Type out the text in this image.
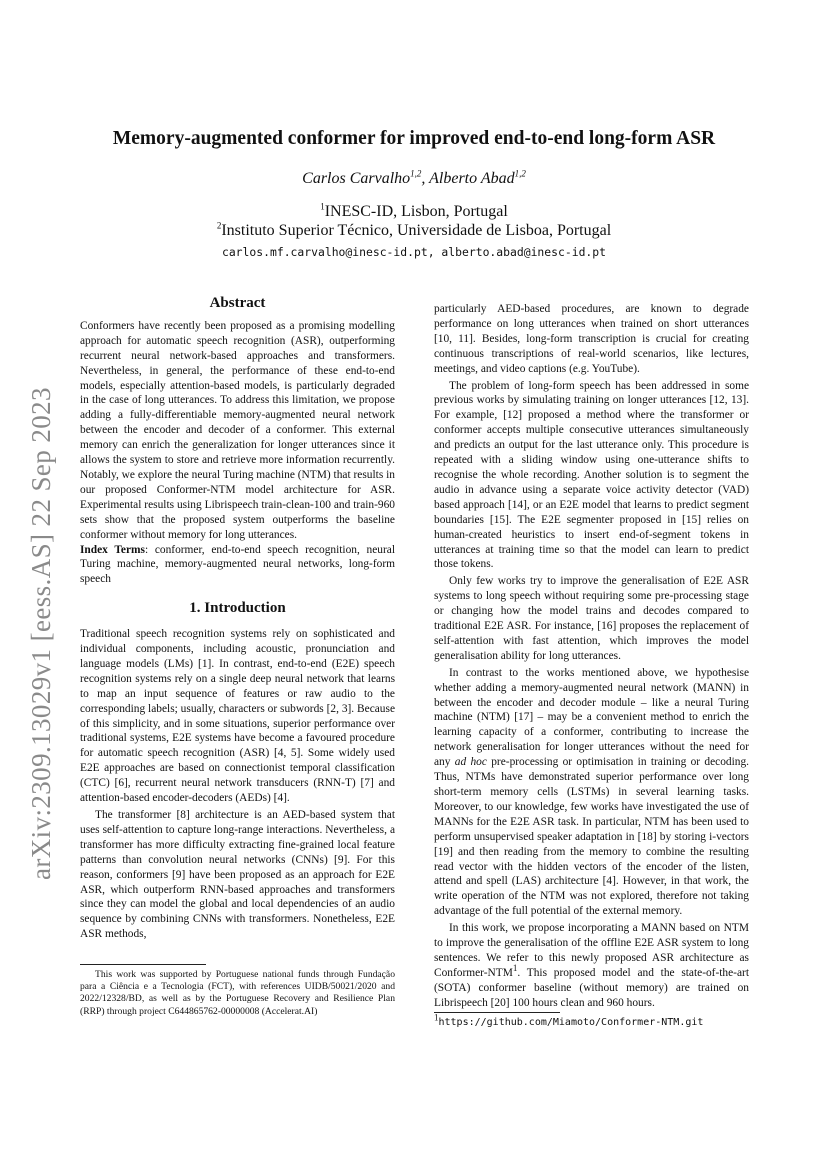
arXiv:2309.13029v1 [eess.AS] 22 Sep 2023
Memory-augmented conformer for improved end-to-end long-form ASR
Carlos Carvalho$^{1,2}$, Alberto Abad$^{1,2}$
$^1$INESC-ID, Lisbon, Portugal
$^2$Instituto Superior Técnico, Universidade de Lisboa, Portugal
carlos.mf.carvalho@inesc-id.pt, alberto.abad@inesc-id.pt
Abstract

Conformers have recently been proposed as a promising modelling approach for automatic speech recognition (ASR), outperforming recurrent neural network-based approaches and transformers. Nevertheless, in general, the performance of these end-to-end models, especially attention-based models, is particularly degraded in the case of long utterances. To address this limitation, we propose adding a fully-differentiable memory-augmented neural network between the encoder and decoder of a conformer. This external memory can enrich the generalization for longer utterances since it allows the system to store and retrieve more information recurrently. Notably, we explore the neural Turing machine (NTM) that results in our proposed Conformer-NTM model architecture for ASR. Experimental results using Librispeech train-clean-100 and train-960 sets show that the proposed system outperforms the baseline conformer without memory for long utterances.

Index Terms: conformer, end-to-end speech recognition, neural Turing machine, memory-augmented neural networks, long-form speech

1. Introduction

Traditional speech recognition systems rely on sophisticated and individual components, including acoustic, pronunciation and language models (LMs) [1]. In contrast, end-to-end (E2E) speech recognition systems rely on a single deep neural network that learns to map an input sequence of features or raw audio to the corresponding labels; usually, characters or subwords [2, 3]. Because of this simplicity, and in some situations, superior performance over traditional systems, E2E systems have become a favoured procedure for automatic speech recognition (ASR) [4, 5]. Some widely used E2E approaches are based on connectionist temporal classification (CTC) [6], recurrent neural network transducers (RNN-T) [7] and attention-based encoder-decoders (AEDs) [4].

The transformer [8] architecture is an AED-based system that uses self-attention to capture long-range interactions. Nevertheless, a transformer has more difficulty extracting fine-grained local feature patterns than convolution neural networks (CNNs) [9]. For this reason, conformers [9] have been proposed as an approach for E2E ASR, which outperform RNN-based approaches and transformers since they can model the global and local dependencies of an audio sequence by combining CNNs with transformers. Nonetheless, E2E ASR methods,

This work was supported by Portuguese national funds through Fundação para a Ciência e a Tecnologia (FCT), with references UIDB/50021/2020 and 2022/12328/BD, as well as by the Portuguese Recovery and Resilience Plan (RRP) through project C644865762-00000008 (Accelerat.AI)

particularly AED-based procedures, are known to degrade performance on long utterances when trained on short utterances [10, 11]. Besides, long-form transcription is crucial for creating continuous transcriptions of real-world scenarios, like lectures, meetings, and video captions (e.g. YouTube).

The problem of long-form speech has been addressed in some previous works by simulating training on longer utterances [12, 13]. For example, [12] proposed a method where the transformer or conformer accepts multiple consecutive utterances simultaneously and predicts an output for the last utterance only. This procedure is repeated with a sliding window using one-utterance shifts to recognise the whole recording. Another solution is to segment the audio in advance using a separate voice activity detector (VAD) based approach [14], or an E2E model that learns to predict segment boundaries [15]. The E2E segmenter proposed in [15] relies on human-created heuristics to insert end-of-segment tokens in utterances at training time so that the model can learn to predict those tokens.

Only few works try to improve the generalisation of E2E ASR systems to long speech without requiring some pre-processing stage or changing how the model trains and decodes compared to traditional E2E ASR. For instance, [16] proposes the replacement of self-attention with fast attention, which improves the model generalisation ability for long utterances.

In contrast to the works mentioned above, we hypothesise whether adding a memory-augmented neural network (MANN) in between the encoder and decoder module – like a neural Turing machine (NTM) [17] – may be a convenient method to enrich the learning capacity of a conformer, contributing to increase the network generalisation for longer utterances without the need for any ad hoc pre-processing or optimisation in training or decoding. Thus, NTMs have demonstrated superior performance over long short-term memory cells (LSTMs) in several learning tasks. Moreover, to our knowledge, few works have investigated the use of MANNs for the E2E ASR task. In particular, NTM has been used to perform unsupervised speaker adaptation in [18] by storing i-vectors [19] and then reading from the memory to combine the resulting read vector with the hidden vectors of the encoder of the listen, attend and spell (LAS) architecture [4]. However, in that work, the write operation of the NTM was not explored, therefore not taking advantage of the full potential of the external memory.

In this work, we propose incorporating a MANN based on NTM to improve the generalisation of the offline E2E ASR system to long sentences. We refer to this newly proposed ASR architecture as Conformer-NTM$^1$. This proposed model and the state-of-the-art (SOTA) conformer baseline (without memory) are trained on Librispeech [20] 100 hours clean and 960 hours.

$^1$https://github.com/Miamoto/Conformer-NTM.git
